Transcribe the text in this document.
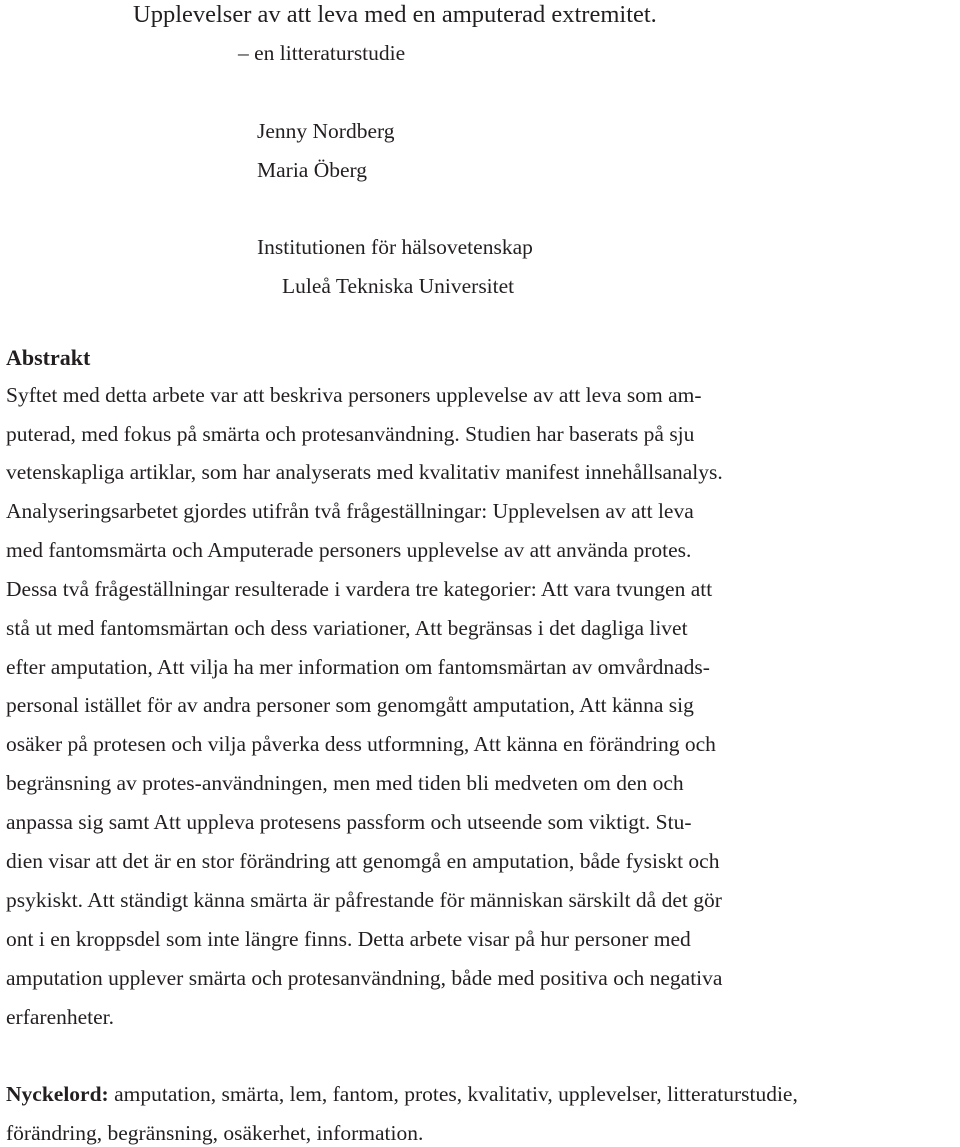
Upplevelser av att leva med en amputerad extremitet.

– en litteraturstudie

Jenny Nordberg

Maria Öberg

Institutionen för hälsovetenskap

Luleå Tekniska Universitet

Abstrakt

Syftet med detta arbete var att beskriva personers upplevelse av att leva som am-

puterad, med fokus på smärta och protesanvändning. Studien har baserats på sju

vetenskapliga artiklar, som har analyserats med kvalitativ manifest innehållsanalys.

Analyseringsarbetet gjordes utifrån två frågeställningar: Upplevelsen av att leva

med fantomsmärta och Amputerade personers upplevelse av att använda protes.

Dessa två frågeställningar resulterade i vardera tre kategorier: Att vara tvungen att

stå ut med fantomsmärtan och dess variationer, Att begränsas i det dagliga livet

efter amputation, Att vilja ha mer information om fantomsmärtan av omvårdnads-

personal istället för av andra personer som genomgått amputation, Att känna sig

osäker på protesen och vilja påverka dess utformning, Att känna en förändring och

begränsning av protes-användningen, men med tiden bli medveten om den och

anpassa sig samt Att uppleva protesens passform och utseende som viktigt. Stu-

dien visar att det är en stor förändring att genomgå en amputation, både fysiskt och

psykiskt. Att ständigt känna smärta är påfrestande för människan särskilt då det gör

ont i en kroppsdel som inte längre finns. Detta arbete visar på hur personer med

amputation upplever smärta och protesanvändning, både med positiva och negativa

erfarenheter.

Nyckelord: amputation, smärta, lem, fantom, protes, kvalitativ, upplevelser, litteraturstudie,

förändring, begränsning, osäkerhet, information.
